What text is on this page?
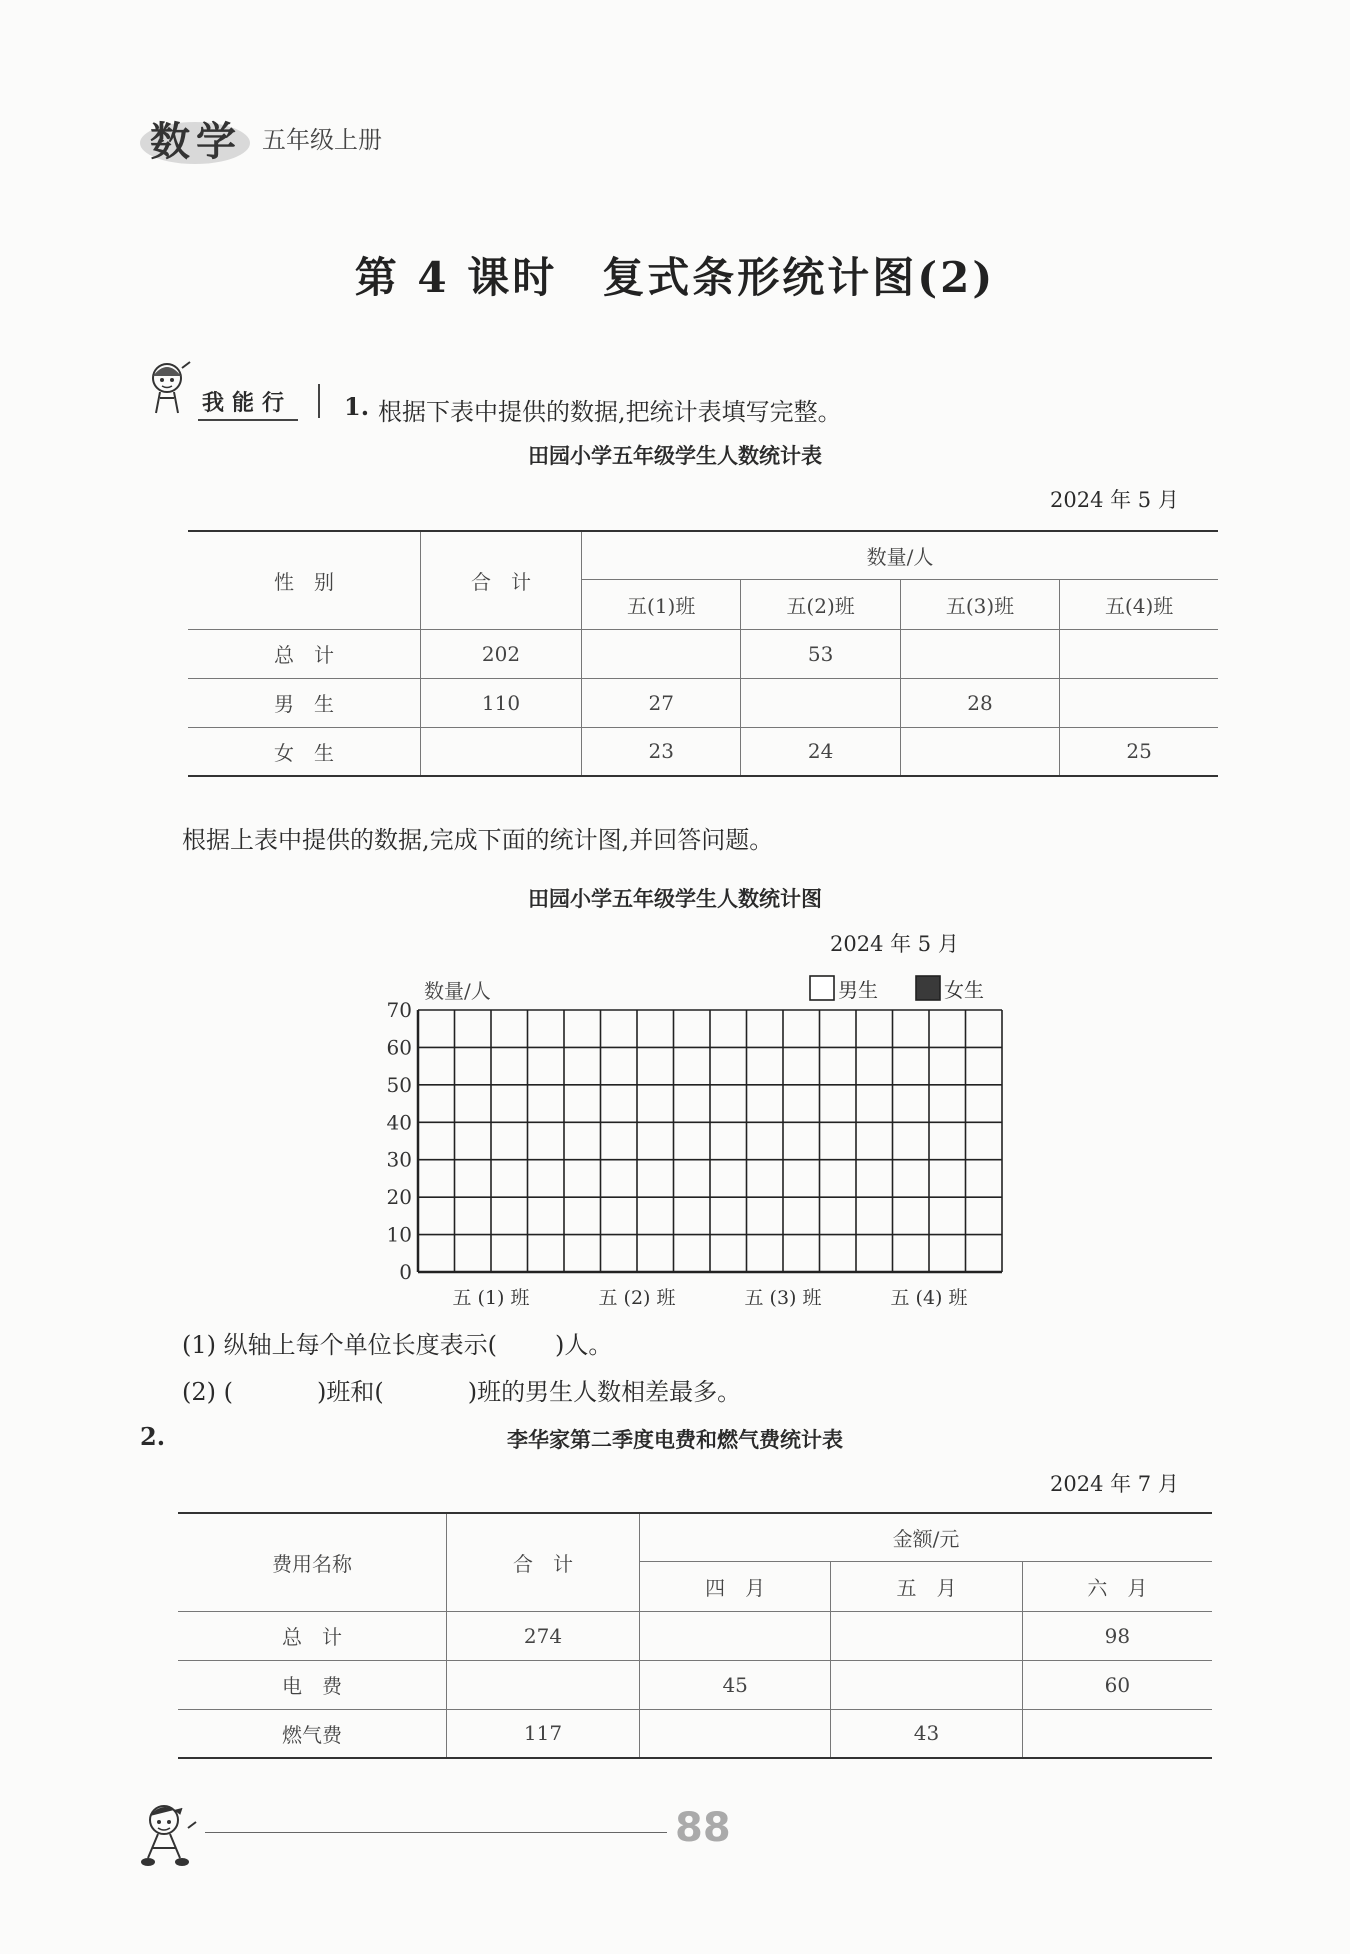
数学 五年级上册
第 4 课时　复式条形统计图(2)
我能行 1. 根据下表中提供的数据,把统计表填写完整。
田园小学五年级学生人数统计表
2024 年 5 月
性　别	合　计	数量/人			
		五(1)班	五(2)班	五(3)班	五(4)班
总　计	202		53		
男　生	110	27		28	
女　生		23	24		25
根据上表中提供的数据,完成下面的统计图,并回答问题。
田园小学五年级学生人数统计图
2024 年 5 月
0
10
20
30
40
50
60
70
数量/人
五 (1) 班	五 (2) 班	五 (3) 班	五 (4) 班
男生	女生
(1) 纵轴上每个单位长度表示( )人。
(2) (	)班和(	)班的男生人数相差最多。
2.	李华家第二季度电费和燃气费统计表
2024 年 7 月
费用名称	合　计	金额/元		
		四　月	五　月	六　月
总　计	274			98
电　费		45		60
燃气费	117		43	
88
